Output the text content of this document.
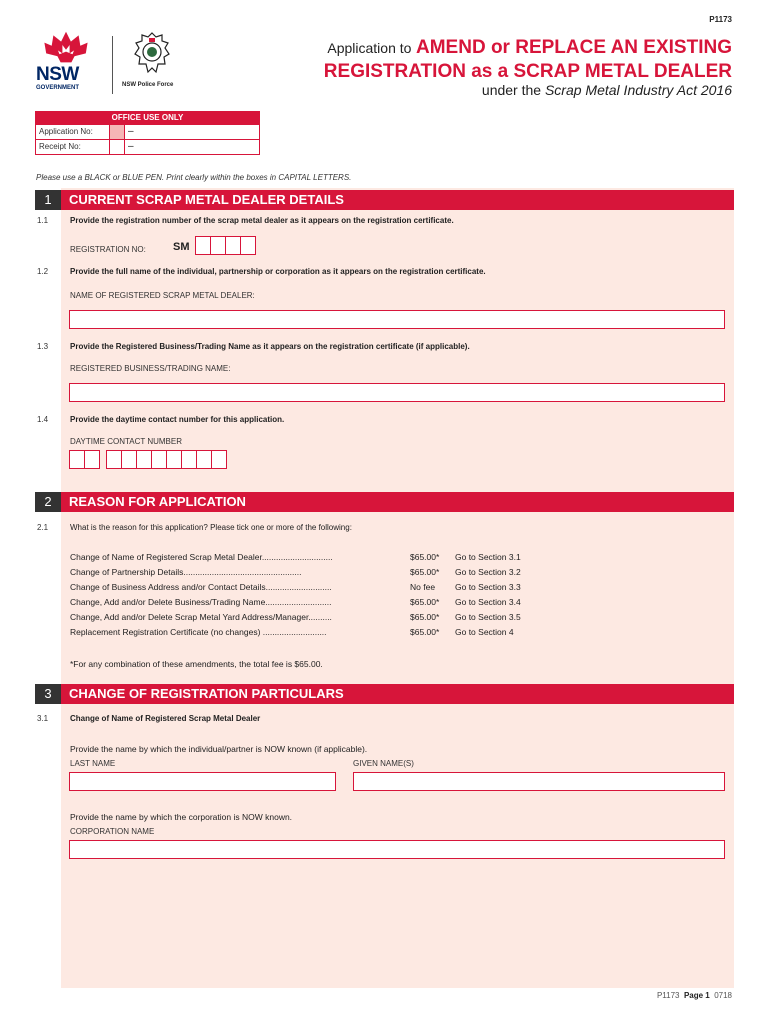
P1173
NSW
GOVERNMENT	NSW Police Force
Application to AMEND or REPLACE AN EXISTING
REGISTRATION as a SCRAP METAL DEALER
under the Scrap Metal Industry Act 2016
OFFICE USE ONLY
Application No:	–
Receipt No:	–
Please use a BLACK or BLUE PEN. Print clearly within the boxes in CAPITAL LETTERS.
1	CURRENT SCRAP METAL DEALER DETAILS
1.1	Provide the registration number of the scrap metal dealer as it appears on the registration certificate.
REGISTRATION NO: SM
1.2	Provide the full name of the individual, partnership or corporation as it appears on the registration certificate.
NAME OF REGISTERED SCRAP METAL DEALER:
1.3	Provide the Registered Business/Trading Name as it appears on the registration certificate (if applicable).
REGISTERED BUSINESS/TRADING NAME:
1.4	Provide the daytime contact number for this application.
DAYTIME CONTACT NUMBER
2	REASON FOR APPLICATION
2.1	What is the reason for this application? Please tick one or more of the following:
Change of Name of Registered Scrap Metal Dealer..............................	$65.00* Go to Section 3.1
Change of Partnership Details..................................................	$65.00* Go to Section 3.2
Change of Business Address and/or Contact Details............................	No fee Go to Section 3.3
Change, Add and/or Delete Business/Trading Name............................	$65.00* Go to Section 3.4
Change, Add and/or Delete Scrap Metal Yard Address/Manager..........	$65.00* Go to Section 3.5
Replacement Registration Certificate (no changes) ...........................	$65.00* Go to Section 4
*For any combination of these amendments, the total fee is $65.00.
3	CHANGE OF REGISTRATION PARTICULARS
3.1	Change of Name of Registered Scrap Metal Dealer
Provide the name by which the individual/partner is NOW known (if applicable).
LAST NAME	GIVEN NAME(S)
Provide the name by which the corporation is NOW known.
CORPORATION NAME
P1173 Page 1 0718
